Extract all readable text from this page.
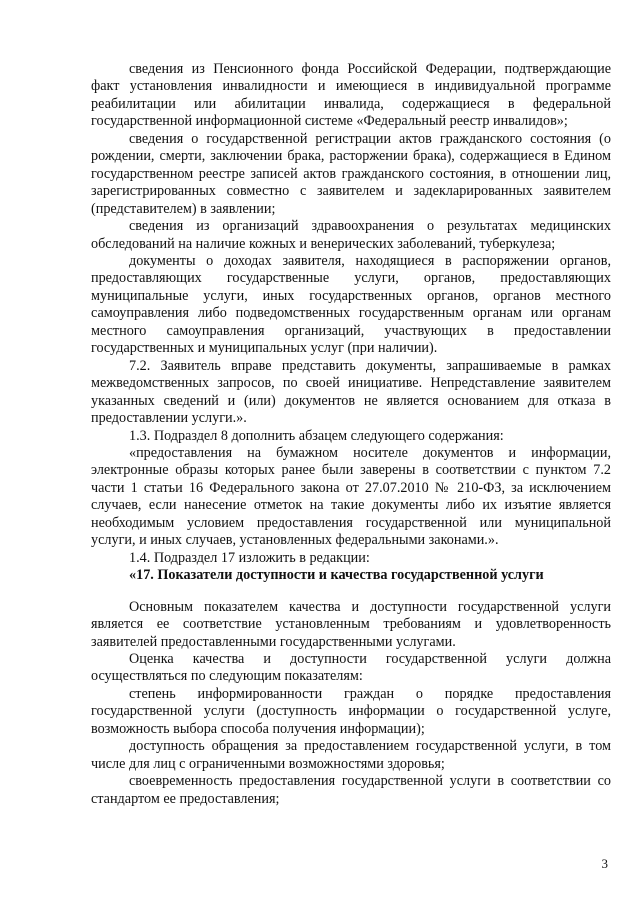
сведения из Пенсионного фонда Российской Федерации, подтверждающие факт установления инвалидности и имеющиеся в индивидуальной программе реабилитации или абилитации инвалида, содержащиеся в федеральной государственной информационной системе «Федеральный реестр инвалидов»;

сведения о государственной регистрации актов гражданского состояния (о рождении, смерти, заключении брака, расторжении брака), содержащиеся в Едином государственном реестре записей актов гражданского состояния, в отношении лиц, зарегистрированных совместно с заявителем и задекларированных заявителем (представителем) в заявлении;

сведения из организаций здравоохранения о результатах медицинских обследований на наличие кожных и венерических заболеваний, туберкулеза;

документы о доходах заявителя, находящиеся в распоряжении органов, предоставляющих государственные услуги, органов, предоставляющих муниципальные услуги, иных государственных органов, органов местного самоуправления либо подведомственных государственным органам или органам местного самоуправления организаций, участвующих в предоставлении государственных и муниципальных услуг (при наличии).

7.2. Заявитель вправе представить документы, запрашиваемые в рамках межведомственных запросов, по своей инициативе. Непредставление заявителем указанных сведений и (или) документов не является основанием для отказа в предоставлении услуги.».

1.3. Подраздел 8 дополнить абзацем следующего содержания:

«предоставления на бумажном носителе документов и информации, электронные образы которых ранее были заверены в соответствии с пунктом 7.2 части 1 статьи 16 Федерального закона от 27.07.2010 № 210-ФЗ, за исключением случаев, если нанесение отметок на такие документы либо их изъятие является необходимым условием предоставления государственной или муниципальной услуги, и иных случаев, установленных федеральными законами.».

1.4. Подраздел 17 изложить в редакции:

«17. Показатели доступности и качества государственной услуги

Основным показателем качества и доступности государственной услуги является ее соответствие установленным требованиям и удовлетворенность заявителей предоставленными государственными услугами.

Оценка качества и доступности государственной услуги должна осуществляться по следующим показателям:

степень информированности граждан о порядке предоставления государственной услуги (доступность информации о государственной услуге, возможность выбора способа получения информации);

доступность обращения за предоставлением государственной услуги, в том числе для лиц с ограниченными возможностями здоровья;

своевременность предоставления государственной услуги в соответствии со стандартом ее предоставления;

3
